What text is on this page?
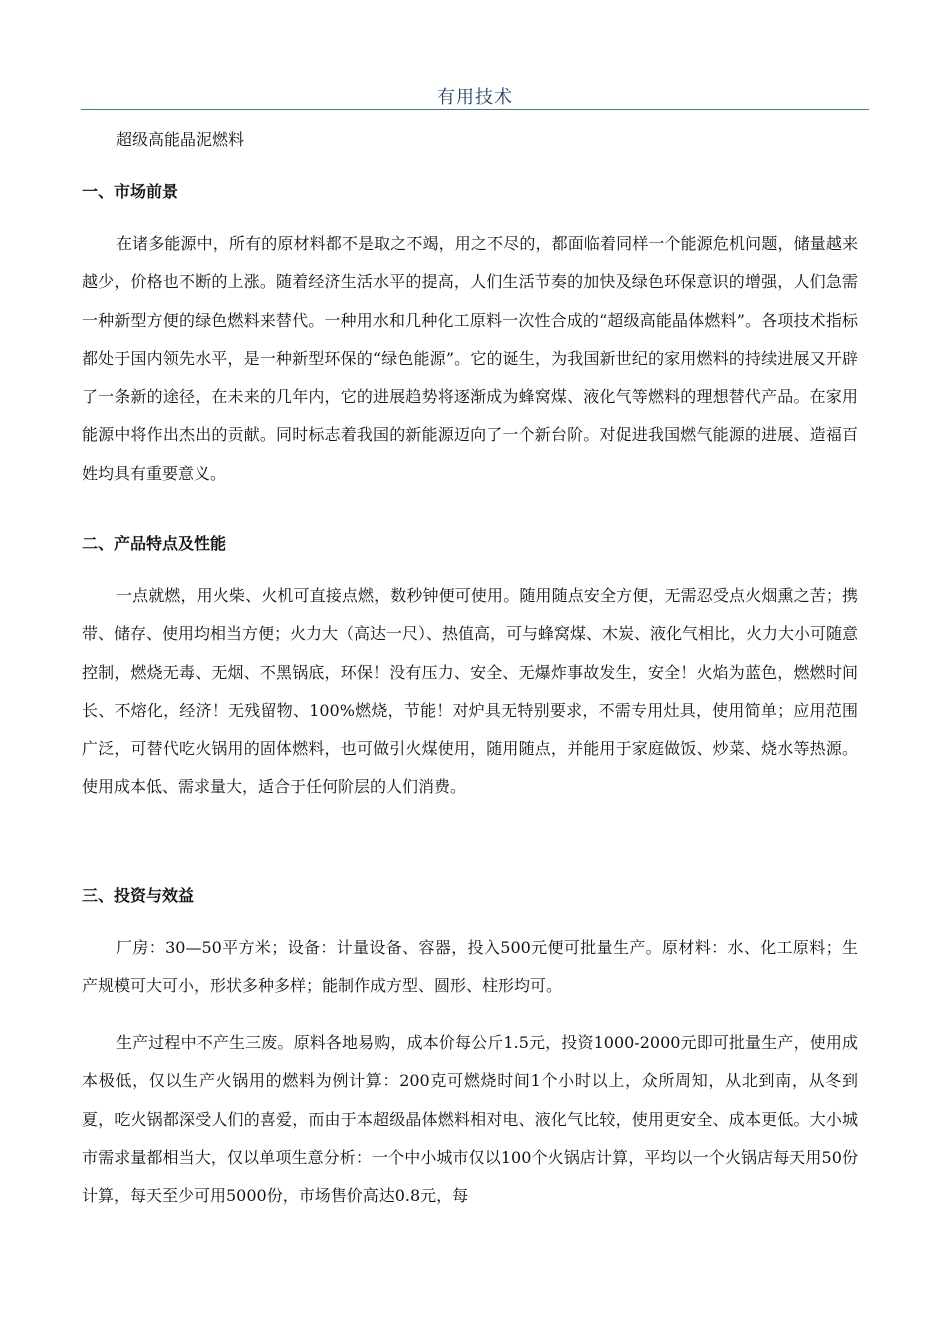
有用技术
超级高能晶泥燃料
一、市场前景

在诸多能源中，所有的原材料都不是取之不竭，用之不尽的，都面临着同样一个能源危机问题，储量越来越少，价格也不断的上涨。随着经济生活水平的提高，人们生活节奏的加快及绿色环保意识的增强，人们急需一种新型方便的绿色燃料来替代。一种用水和几种化工原料一次性合成的“超级高能晶体燃料”。各项技术指标都处于国内领先水平，是一种新型环保的“绿色能源”。它的诞生，为我国新世纪的家用燃料的持续进展又开辟了一条新的途径，在未来的几年内，它的进展趋势将逐渐成为蜂窝煤、液化气等燃料的理想替代产品。在家用能源中将作出杰出的贡献。同时标志着我国的新能源迈向了一个新台阶。对促进我国燃气能源的进展、造福百姓均具有重要意义。

二、产品特点及性能

一点就燃，用火柴、火机可直接点燃，数秒钟便可使用。随用随点安全方便，无需忍受点火烟熏之苦；携带、储存、使用均相当方便；火力大（高达一尺）、热值高，可与蜂窝煤、木炭、液化气相比，火力大小可随意控制，燃烧无毒、无烟、不黑锅底，环保！没有压力、安全、无爆炸事故发生，安全！火焰为蓝色，燃燃时间长、不熔化，经济！无残留物、100%燃烧，节能！对炉具无特别要求，不需专用灶具，使用简单；应用范围广泛，可替代吃火锅用的固体燃料，也可做引火煤使用，随用随点，并能用于家庭做饭、炒菜、烧水等热源。使用成本低、需求量大，适合于任何阶层的人们消费。

三、投资与效益

厂房：30—50平方米；设备：计量设备、容器，投入500元便可批量生产。原材料：水、化工原料；生产规模可大可小，形状多种多样；能制作成方型、圆形、柱形均可。

生产过程中不产生三废。原料各地易购，成本价每公斤1.5元，投资1000-2000元即可批量生产，使用成本极低，仅以生产火锅用的燃料为例计算：200克可燃烧时间1个小时以上，众所周知，从北到南，从冬到夏，吃火锅都深受人们的喜爱，而由于本超级晶体燃料相对电、液化气比较，使用更安全、成本更低。大小城市需求量都相当大，仅以单项生意分析：一个中小城市仅以100个火锅店计算，平均以一个火锅店每天用50份计算，每天至少可用5000份，市场售价高达0.8元，每
